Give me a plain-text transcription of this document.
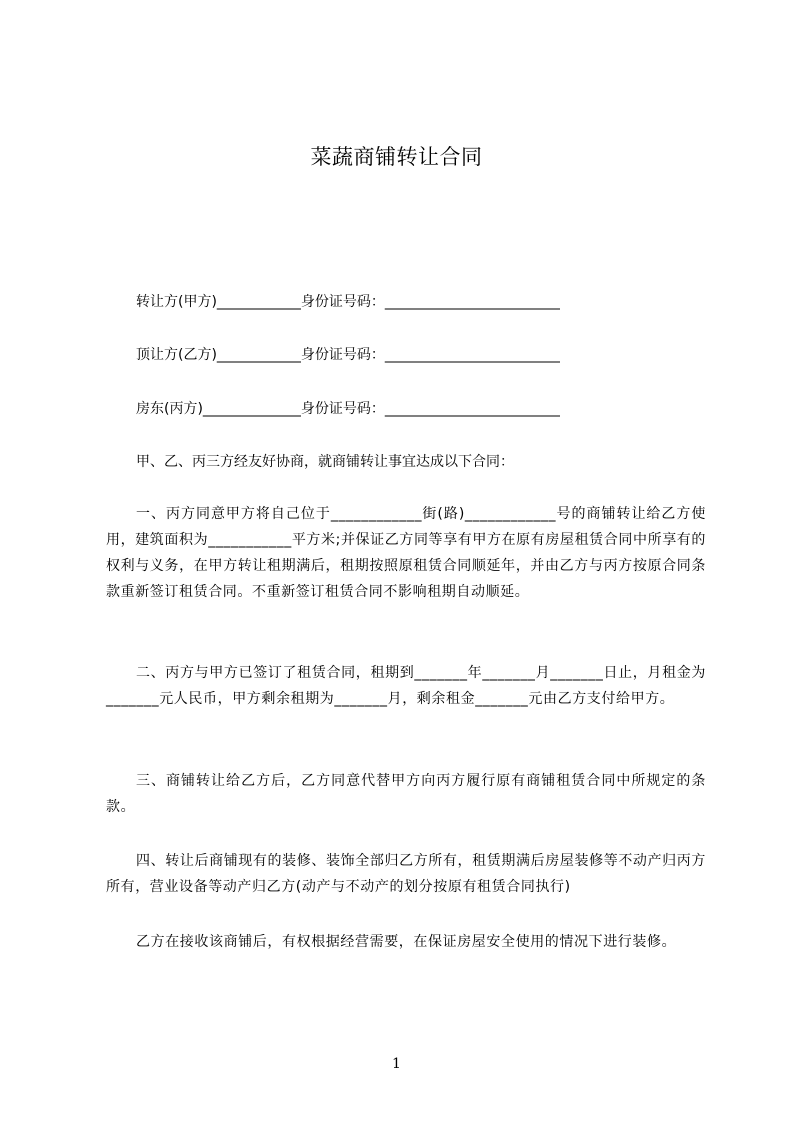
菜蔬商铺转让合同
转让方(甲方)____________身份证号码：_________________________
顶让方(乙方)____________身份证号码：_________________________
房东(丙方)______________身份证号码：_________________________
甲、乙、丙三方经友好协商，就商铺转让事宜达成以下合同：
一、丙方同意甲方将自己位于____________街(路)____________号的商铺转让给乙方使用，建筑面积为___________平方米;并保证乙方同等享有甲方在原有房屋租赁合同中所享有的权利与义务，在甲方转让租期满后，租期按照原租赁合同顺延年，并由乙方与丙方按原合同条款重新签订租赁合同。不重新签订租赁合同不影响租期自动顺延。
二、丙方与甲方已签订了租赁合同，租期到_______年_______月_______日止，月租金为_______元人民币，甲方剩余租期为_______月，剩余租金_______元由乙方支付给甲方。
三、商铺转让给乙方后，乙方同意代替甲方向丙方履行原有商铺租赁合同中所规定的条款。
四、转让后商铺现有的装修、装饰全部归乙方所有，租赁期满后房屋装修等不动产归丙方所有，营业设备等动产归乙方(动产与不动产的划分按原有租赁合同执行)
乙方在接收该商铺后，有权根据经营需要，在保证房屋安全使用的情况下进行装修。
1
